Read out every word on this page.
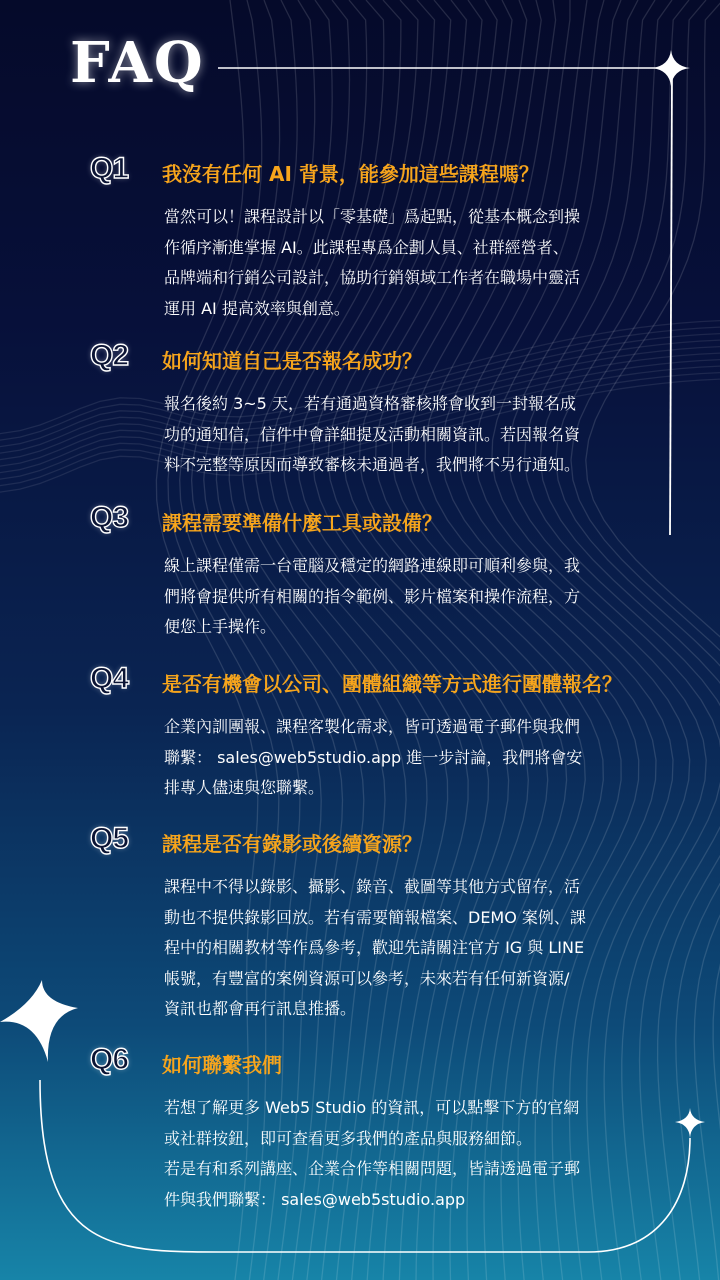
FAQ
Q1 我沒有任何 AI 背景，能參加這些課程嗎？
當然可以！課程設計以「零基礎」爲起點，從基本概念到操
作循序漸進掌握 AI。此課程專爲企劃人員、社群經營者、
品牌端和行銷公司設計，協助行銷領域工作者在職場中靈活
運用 AI 提高效率與創意。
Q2 如何知道自己是否報名成功？
報名後約 3~5 天，若有通過資格審核將會收到一封報名成
功的通知信，信件中會詳細提及活動相關資訊。若因報名資
料不完整等原因而導致審核未通過者，我們將不另行通知。
Q3 課程需要準備什麼工具或設備？
線上課程僅需一台電腦及穩定的網路連線即可順利參與，我
們將會提供所有相關的指令範例、影片檔案和操作流程，方
便您上手操作。
Q4 是否有機會以公司、團體組織等方式進行團體報名？
企業內訓團報、課程客製化需求，皆可透過電子郵件與我們
聯繫： sales@web5studio.app 進一步討論，我們將會安
排專人儘速與您聯繫。
Q5 課程是否有錄影或後續資源？
課程中不得以錄影、攝影、錄音、截圖等其他方式留存，活
動也不提供錄影回放。若有需要簡報檔案、DEMO 案例、課
程中的相關教材等作爲參考，歡迎先請關注官方 IG 與 LINE
帳號，有豐富的案例資源可以參考，未來若有任何新資源/
資訊也都會再行訊息推播。
Q6 如何聯繫我們
若想了解更多 Web5 Studio 的資訊，可以點擊下方的官網
或社群按鈕，即可查看更多我們的產品與服務細節。
若是有和系列講座、企業合作等相關問題，皆請透過電子郵
件與我們聯繫： sales@web5studio.app
